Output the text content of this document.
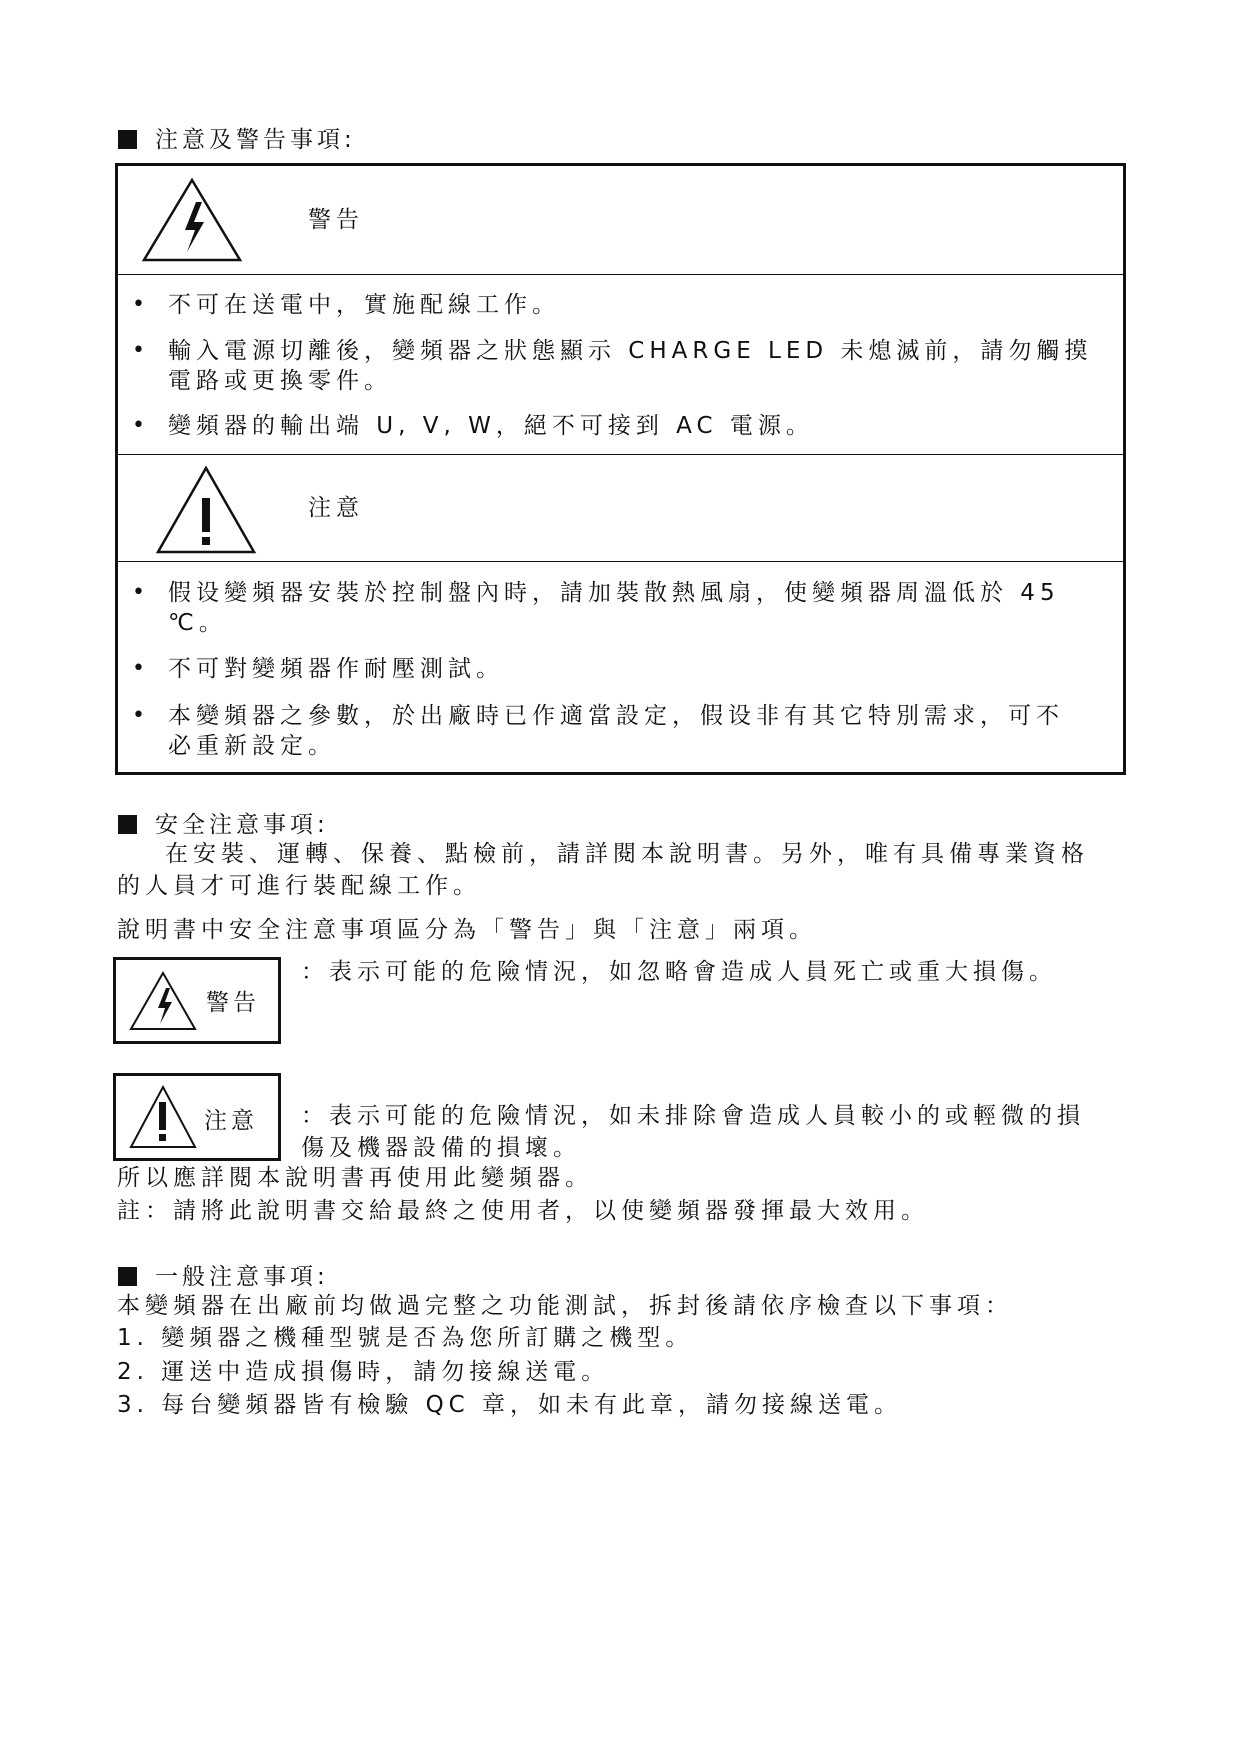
注意及警告事項:
警告
• 不可在送電中，實施配線工作。
• 輸入電源切離後，變頻器之狀態顯示 CHARGE LED 未熄滅前，請勿觸摸
電路或更換零件。
• 變頻器的輸出端 U, V, W，絕不可接到 AC 電源。
注意
• 假设變頻器安裝於控制盤內時，請加裝散熱風扇，使變頻器周溫低於 45
℃。
• 不可對變頻器作耐壓測試。
• 本變頻器之參數，於出廠時已作適當設定，假设非有其它特別需求，可不
必重新設定。
安全注意事項:
在安裝、運轉、保養、點檢前，請詳閱本說明書。另外，唯有具備專業資格
的人員才可進行裝配線工作。
說明書中安全注意事項區分為「警告」與「注意」兩項。
警告
：表示可能的危險情況，如忽略會造成人員死亡或重大損傷。
注意 ：表示可能的危險情況，如未排除會造成人員較小的或輕微的損
傷及機器設備的損壞。
所以應詳閱本說明書再使用此變頻器。
註：請將此說明書交給最終之使用者，以使變頻器發揮最大效用。
一般注意事項:
本變頻器在出廠前均做過完整之功能測試，拆封後請依序檢查以下事項：
1. 變頻器之機種型號是否為您所訂購之機型。
2. 運送中造成損傷時，請勿接線送電。
3. 每台變頻器皆有檢驗 QC 章，如未有此章，請勿接線送電。
